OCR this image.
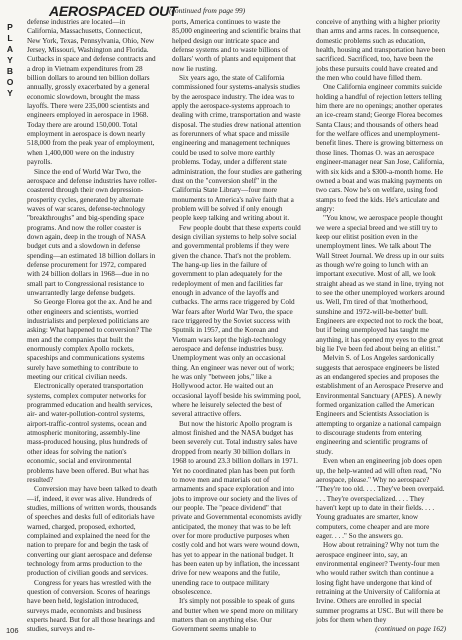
P
L
A
Y
B
O
Y
106
AEROSPACED OUT
(continued from page 99)

defense industries are located—in California, Massachusetts, Connecticut, New York, Texas, Pennsylvania, Ohio, New Jersey, Missouri, Washington and Florida. Cutbacks in space and defense contracts and a drop in Vietnam expenditures from 28 billion dollars to around ten billion dollars annually, grossly exacerbated by a general economic slowdown, brought the mass layoffs. There were 235,000 scientists and engineers employed in aerospace in 1968. Today there are around 150,000. Total employment in aerospace is down nearly 518,000 from the peak year of employment, when 1,400,000 were on the industry payrolls.

Since the end of World War Two, the aerospace and defense industries have roller-coastered through their own depression-prosperity cycles, generated by alternate waves of war scares, defense-technology "breakthroughs" and big-spending space programs. And now the roller coaster is down again, deep in the trough of NASA budget cuts and a slowdown in defense spending—an estimated 18 billion dollars in defense procurement for 1972, compared with 24 billion dollars in 1968—due in no small part to Congressional resistance to unwarrantedly large defense budgets.

So George Florea got the ax. And he and other engineers and scientists, worried industrialists and perplexed politicians are asking: What happened to conversion? The men and the companies that built the enormously complex Apollo rockets, spaceships and communications systems surely have something to contribute to meeting our critical civilian needs.

Electronically operated transportation systems, complex computer networks for programmed education and health services, air- and water-pollution-control systems, airport-traffic-control systems, ocean and atmospheric monitoring, assembly-line mass-produced housing, plus hundreds of other ideas for solving the nation's economic, social and environmental problems have been offered. But what has resulted?

Conversion may have been talked to death—if, indeed, it ever was alive. Hundreds of studies, millions of written words, thousands of speeches and desks full of editorials have warned, charged, proposed, exhorted, complained and explained the need for the nation to prepare for and begin the task of converting our giant aerospace and defense technology from arms production to the production of civilian goods and services.

Congress for years has wrestled with the question of conversion. Scores of hearings have been held, legislation introduced, surveys made, economists and business experts heard. But for all those hearings and studies, surveys and re-

ports, America continues to waste the 85,000 engineering and scientific brains that helped design our intricate space and defense systems and to waste billions of dollars' worth of plants and equipment that now lie rusting.

Six years ago, the state of California commissioned four systems-analysis studies by the aerospace industry. The idea was to apply the aerospace-systems approach to dealing with crime, transportation and waste disposal. The studies drew national attention as forerunners of what space and missile engineering and management techniques could be used to solve more earthly problems. Today, under a different state administration, the four studies are gathering dust on the "conversion shelf" in the California State Library—four more monuments to America's naïve faith that a problem will be solved if only enough people keep talking and writing about it.

Few people doubt that these experts could design civilian systems to help solve social and governmental problems if they were given the chance. That's not the problem. The hang-up lies in the failure of government to plan adequately for the redeployment of men and facilities far enough in advance of the layoffs and cutbacks. The arms race triggered by Cold War fears after World War Two, the space race triggered by the Soviet success with Sputnik in 1957, and the Korean and Vietnam wars kept the high-technology aerospace and defense industries busy. Unemployment was only an occasional thing. An engineer was never out of work; he was only "between jobs," like a Hollywood actor. He waited out an occasional layoff beside his swimming pool, where he leisurely selected the best of several attractive offers.

But now the historic Apollo program is almost finished and the NASA budget has been severely cut. Total industry sales have dropped from nearly 30 billion dollars in 1968 to around 23.3 billion dollars in 1971. Yet no coordinated plan has been put forth to move men and materials out of armaments and space exploration and into jobs to improve our society and the lives of our people. The "peace dividend" that private and Governmental economists avidly anticipated, the money that was to be left over for more productive purposes when costly cold and hot wars were wound down, has yet to appear in the national budget. It has been eaten up by inflation, the incessant drive for new weapons and the futile, unending race to outpace military obsolescence.

It's simply not possible to speak of guns and butter when we spend more on military matters than on anything else. Our Government seems unable to

conceive of anything with a higher priority than arms and arms races. In consequence, domestic problems such as education, health, housing and transportation have been sacrificed. Sacrificed, too, have been the jobs these pursuits could have created and the men who could have filled them.

One California engineer commits suicide holding a handful of rejection letters telling him there are no openings; another operates an ice-cream stand; George Florea becomes Santa Claus; and thousands of others head for the welfare offices and unemployment-benefit lines. There is growing bitterness on those lines. Thomas O. was an aerospace engineer-manager near San Jose, California, with six kids and a $300-a-month home. He owned a boat and was making payments on two cars. Now he's on welfare, using food stamps to feed the kids. He's articulate and angry:

"You know, we aerospace people thought we were a special breed and we still try to keep our elitist position even in the unemployment lines. We talk about The Wall Street Journal. We dress up in our suits as though we're going to lunch with an important executive. Most of all, we look straight ahead as we stand in line, trying not to see the other unemployed workers around us. Well, I'm tired of that 'motherhood, sunshine and 1972-will-be-better' bull. Engineers are expected not to rock the boat, but if being unemployed has taught me anything, it has opened my eyes to the great big lie I've been fed about being an elitist."

Melvin S. of Los Angeles sardonically suggests that aerospace engineers be listed as an endangered species and proposes the establishment of an Aerospace Preserve and Environmental Sanctuary (APES). A newly formed organization called the American Engineers and Scientists Association is attempting to organize a national campaign to discourage students from entering engineering and scientific programs of study.

Even when an engineering job does open up, the help-wanted ad will often read, "No aerospace, please." Why no aerospace? "They're too old. . . . They've been overpaid. . . . They're overspecialized. . . . They haven't kept up to date in their fields. . . . Young graduates are smarter, know computers, come cheaper and are more eager. . . ." So the answers go.

How about retraining? Why not turn the aerospace engineer into, say, an environmental engineer? Twenty-four men who would rather switch than continue a losing fight have undergone that kind of retraining at the University of California at Irvine. Others are enrolled in special summer programs at USC. But will there be jobs for them when they

(continued on page 162)
